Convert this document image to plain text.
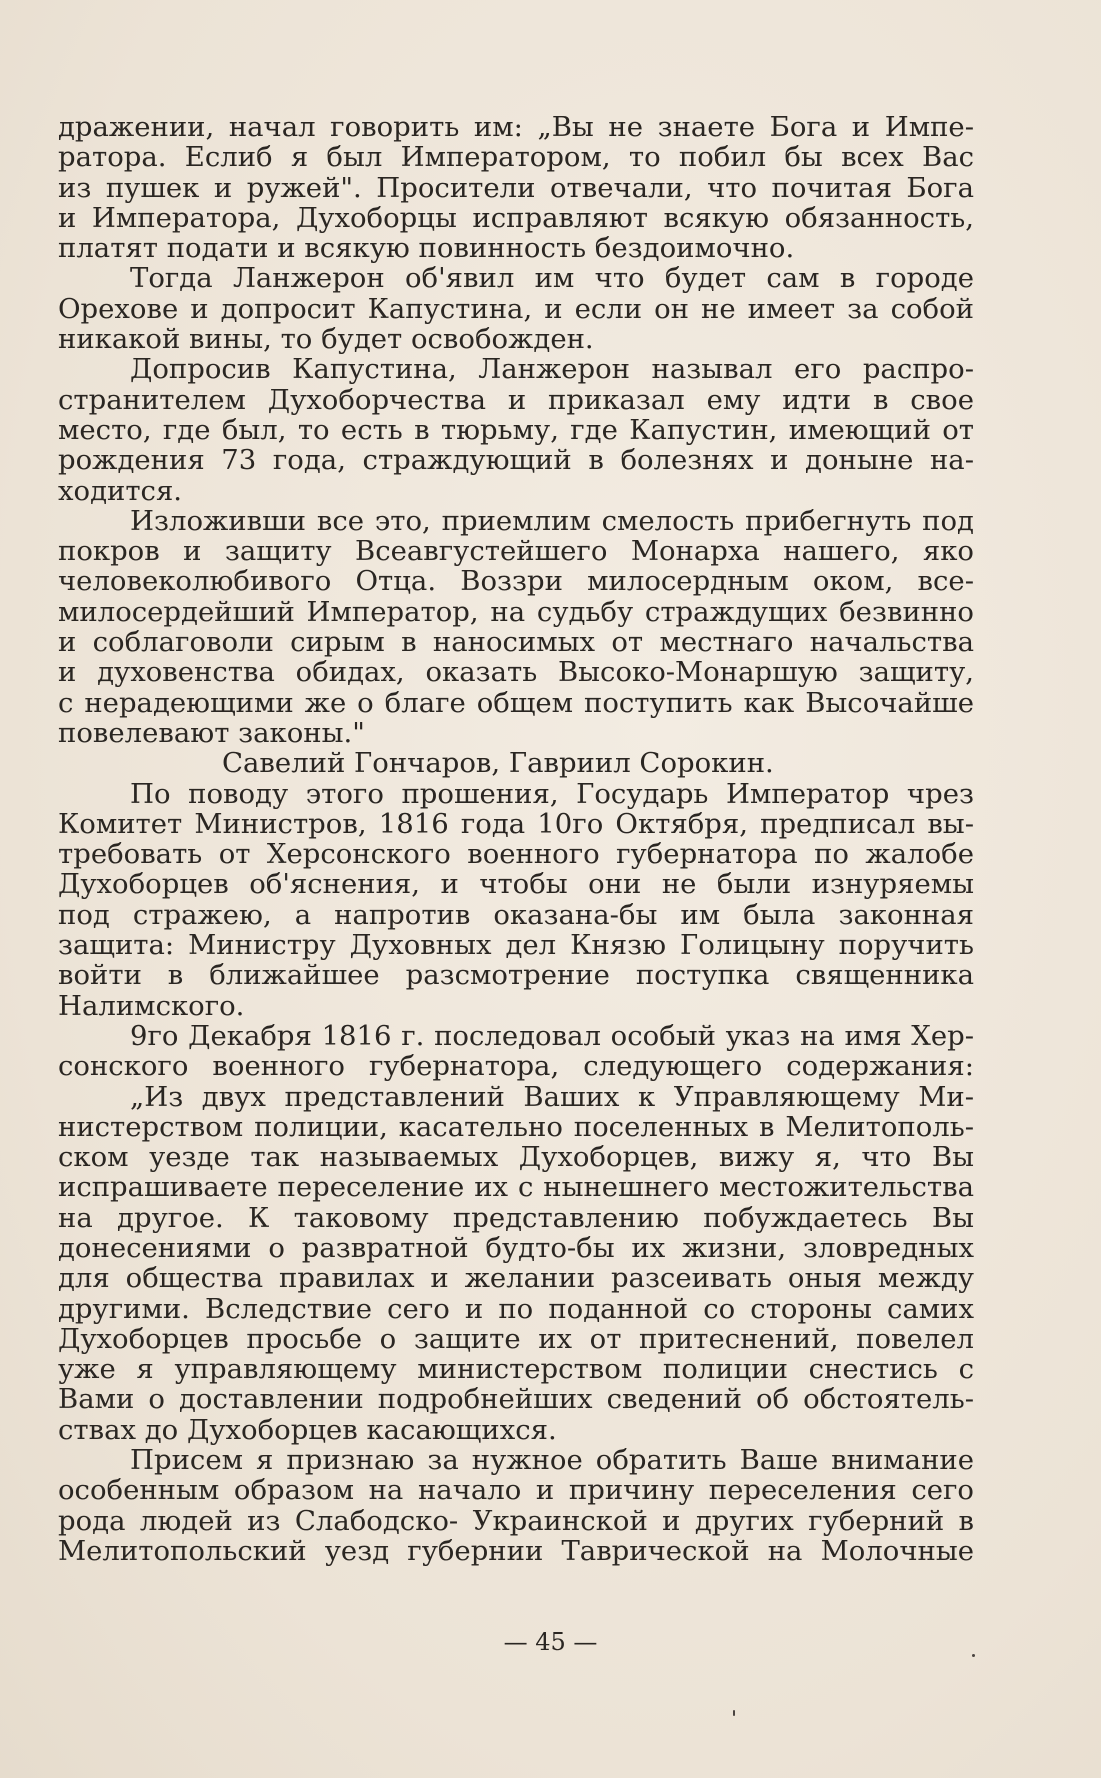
дражении, начал говорить им: „Вы не знаете Бога и Импе-
ратора. Еслиб я был Императором, то побил бы всех Вас
из пушек и ружей". Просители отвечали, что почитая Бога
и Императора, Духоборцы исправляют всякую обязанность,
платят подати и всякую повинность бездоимочно.
Тогда Ланжерон об'явил им что будет сам в городе
Орехове и допросит Капустина, и если он не имеет за собой
никакой вины, то будет освобожден.
Допросив Капустина, Ланжерон называл его распро-
странителем Духоборчества и приказал ему идти в свое
место, где был, то есть в тюрьму, где Капустин, имеющий от
рождения 73 года, страждующий в болезнях и доныне на-
ходится.
Изложивши все это, приемлим смелость прибегнуть под
покров и защиту Всеавгустейшего Монарха нашего, яко
человеколюбивого Отца. Воззри милосердным оком, все-
милосердейший Император, на судьбу страждущих безвинно
и соблаговоли сирым в наносимых от местнаго начальства
и духовенства обидах, оказать Высоко-Монаршую защиту,
с нерадеющими же о благе общем поступить как Высочайше
повелевают законы."
Савелий Гончаров, Гавриил Сорокин.
По поводу этого прошения, Государь Император чрез
Комитет Министров, 1816 года 10го Октября, предписал вы-
требовать от Херсонского военного губернатора по жалобе
Духоборцев об'яснения, и чтобы они не были изнуряемы
под стражею, а напротив оказана-бы им была законная
защита: Министру Духовных дел Князю Голицыну поручить
войти в ближайшее разсмотрение поступка священника
Налимского.
9го Декабря 1816 г. последовал особый указ на имя Хер-
сонского военного губернатора, следующего содержания:
„Из двух представлений Ваших к Управляющему Ми-
нистерством полиции, касательно поселенных в Мелитополь-
ском уезде так называемых Духоборцев, вижу я, что Вы
испрашиваете переселение их с нынешнего местожительства
на другое. К таковому представлению побуждаетесь Вы
донесениями о развратной будто-бы их жизни, зловредных
для общества правилах и желании разсеивать оныя между
другими. Вследствие сего и по поданной со стороны самих
Духоборцев просьбе о защите их от притеснений, повелел
уже я управляющему министерством полиции снестись с
Вами о доставлении подробнейших сведений об обстоятель-
ствах до Духоборцев касающихся.
Присем я признаю за нужное обратить Ваше внимание
особенным образом на начало и причину переселения сего
рода людей из Слабодско- Украинской и других губерний в
Мелитопольский уезд губернии Таврической на Молочные
— 45 —
